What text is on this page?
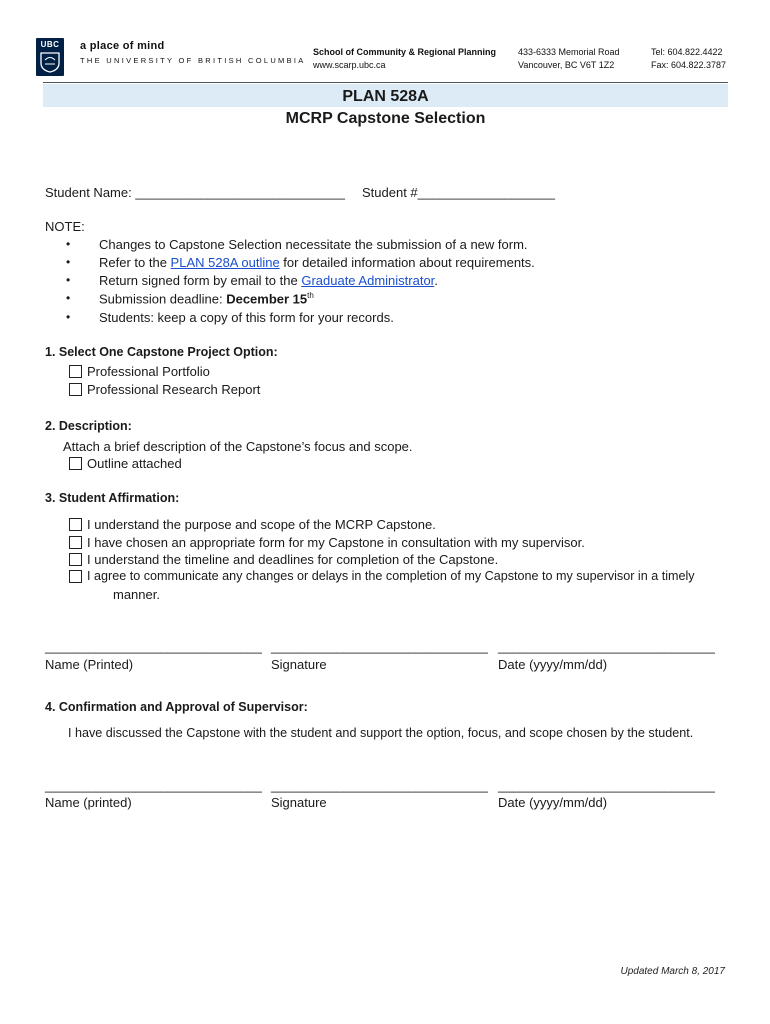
UBC	a place of mind
THE UNIVERSITY OF BRITISH COLUMBIA
School of Community & Regional Planning
www.scarp.ubc.ca
433-6333 Memorial Road
Vancouver, BC V6T 1Z2
Tel: 604.822.4422
Fax: 604.822.3787
PLAN 528A
MCRP Capstone Selection
Student Name: _____________________________ Student #___________________
NOTE:
• Changes to Capstone Selection necessitate the submission of a new form.
• Refer to the PLAN 528A outline for detailed information about requirements.
• Return signed form by email to the Graduate Administrator.
• Submission deadline: December 15th
• Students: keep a copy of this form for your records.
1. Select One Capstone Project Option:
Professional Portfolio
Professional Research Report
2. Description:
Attach a brief description of the Capstone’s focus and scope.
Outline attached
3. Student Affirmation:
I understand the purpose and scope of the MCRP Capstone.
I have chosen an appropriate form for my Capstone in consultation with my supervisor.
I understand the timeline and deadlines for completion of the Capstone.
I agree to communicate any changes or delays in the completion of my Capstone to my supervisor in a timely
manner.
______________________________ ______________________________ ______________________________
Name (Printed)	Signature	Date (yyyy/mm/dd)
4. Confirmation and Approval of Supervisor:
I have discussed the Capstone with the student and support the option, focus, and scope chosen by the student.
______________________________ ______________________________ ______________________________
Name (printed)	Signature	Date (yyyy/mm/dd)
Updated March 8, 2017
